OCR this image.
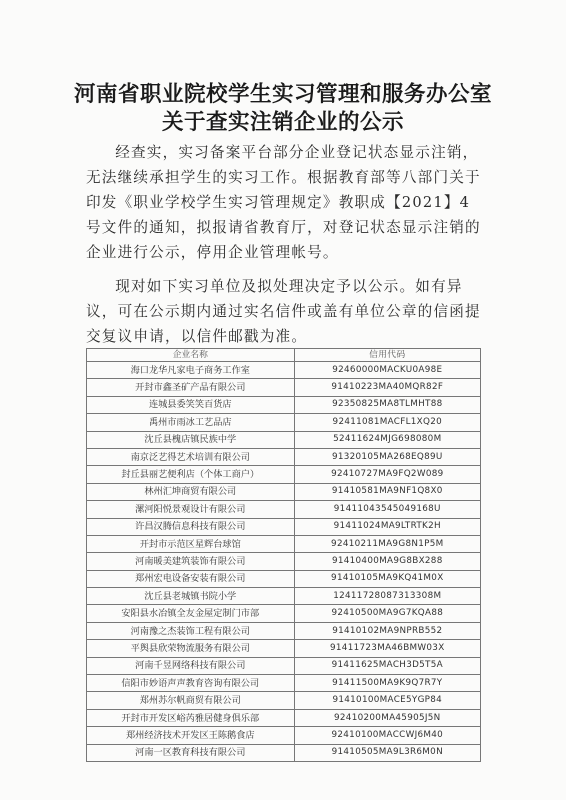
河南省职业院校学生实习管理和服务办公室
关于查实注销企业的公示
经查实，实习备案平台部分企业登记状态显示注销，无法继续承担学生的实习工作。根据教育部等八部门关于印发《职业学校学生实习管理规定》教职成【2021】4号文件的通知，拟报请省教育厅，对登记状态显示注销的企业进行公示，停用企业管理帐号。
现对如下实习单位及拟处理决定予以公示。如有异议，可在公示期内通过实名信件或盖有单位公章的信函提交复议申请，以信件邮戳为准。
企业名称	信用代码
海口龙华凡家电子商务工作室	92460000MACKU0A98E
开封市鑫圣矿产品有限公司	91410223MA40MQR82F
连城县委笑笑百货店	92350825MA8TLMHT88
禹州市雨冰工艺品店	92411081MACFL1XQ20
沈丘县槐店镇民族中学	52411624MJG698080M
南京泛艺得艺术培训有限公司	91320105MA268EQ89U
封丘县丽艺便利店（个体工商户）	92410727MA9FQ2W089
林州汇坤商贸有限公司	91410581MA9NF1Q8X0
漯河阳悦景观设计有限公司	91411043545049168U
许昌汉腾信息科技有限公司	91411024MA9LTRTK2H
开封市示范区星辉台球馆	92410211MA9G8N1P5M
河南暖美建筑装饰有限公司	91410400MA9G8BX288
郑州宏电设备安装有限公司	91410105MA9KQ41M0X
沈丘县老城镇书院小学	12411728087313308M
安阳县水冶镇全友金屋定制门市部	92410500MA9G7KQA88
河南豫之杰装饰工程有限公司	91410102MA9NPRB552
平舆县欣荣物流服务有限公司	91411723MA46BMW03X
河南千昱网络科技有限公司	91411625MACH3D5T5A
信阳市妙语声声教育咨询有限公司	91411500MA9K9Q7R7Y
郑州苏尔帆商贸有限公司	91410100MACE5YGP84
开封市开发区峪芮雅居健身俱乐部	92410200MA45905J5N
郑州经济技术开发区王陈鹅食店	92410100MACCWJ6M40
河南一区教育科技有限公司	91410505MA9L3R6M0N
